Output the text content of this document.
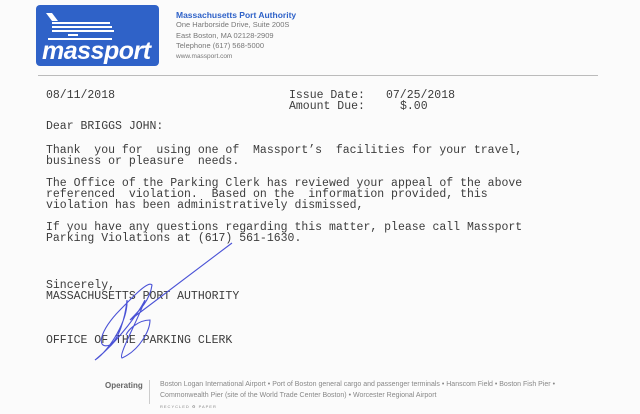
massport
Massachusetts Port Authority
One Harborside Drive, Suite 200S
East Boston, MA 02128-2909
Telephone (617) 568-5000
www.massport.com
08/11/2018	Issue Date: 07/25/2018
Amount Due:	$.00
Dear BRIGGS JOHN:
Thank  you for  using one of  Massport’s  facilities for your travel,
business or pleasure  needs.
The Office of the Parking Clerk has reviewed your appeal of the above
referenced  violation.  Based on the  information provided, this
violation has been administratively dismissed,
If you have any questions regarding this matter, please call Massport
Parking Violations at (617) 561-1630.
Sincerely,
MASSACHUSETTS PORT AUTHORITY
OFFICE OF THE PARKING CLERK
Operating Boston Logan International Airport • Port of Boston general cargo and passenger terminals • Hanscom Field • Boston Fish Pier •
Commonwealth Pier (site of the World Trade Center Boston) • Worcester Regional Airport
RECYCLED ♻ PAPER
